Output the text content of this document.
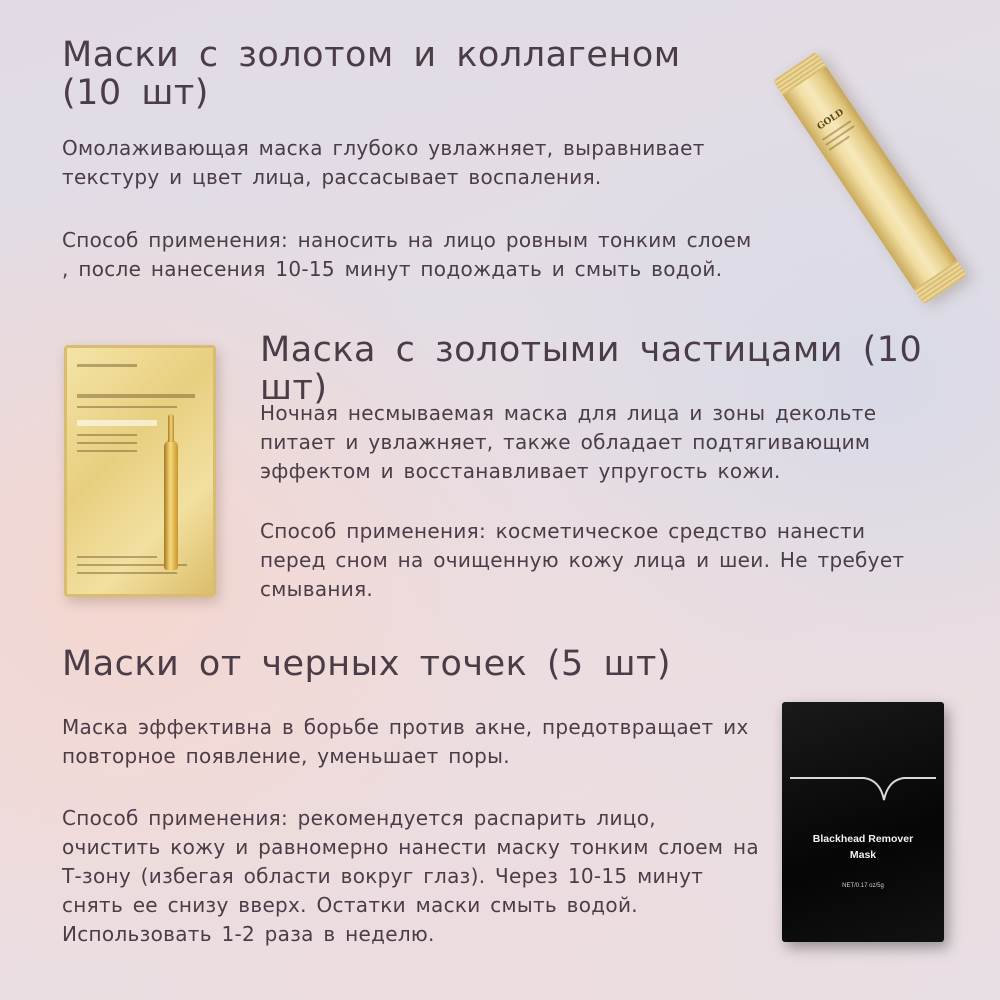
Маски с золотом и коллагеном (10 шт)

Омолаживающая маска глубоко увлажняет, выравнивает текстуру и цвет лица, рассасывает воспаления.

Способ применения: наносить на лицо ровным тонким слоем , после нанесения 10-15 минут подождать и смыть водой.

GOLD
Маска с золотыми частицами (10 шт)

Ночная несмываемая маска для лица и зоны декольте питает и увлажняет, также обладает подтягивающим эффектом и восстанавливает упругость кожи.

Способ применения: косметическое средство нанести перед сном на очищенную кожу лица и шеи. Не требует смывания.

Маски от черных точек (5 шт)

Маска эффективна в борьбе против акне, предотвращает их повторное появление, уменьшает поры.

Способ применения: рекомендуется распарить лицо, очистить кожу и равномерно нанести маску тонким слоем на Т-зону (избегая области вокруг глаз). Через 10-15 минут снять ее снизу вверх. Остатки маски смыть водой. Использовать 1-2 раза в неделю.

Blackhead Remover
Mask
NET/0.17 oz/5g
